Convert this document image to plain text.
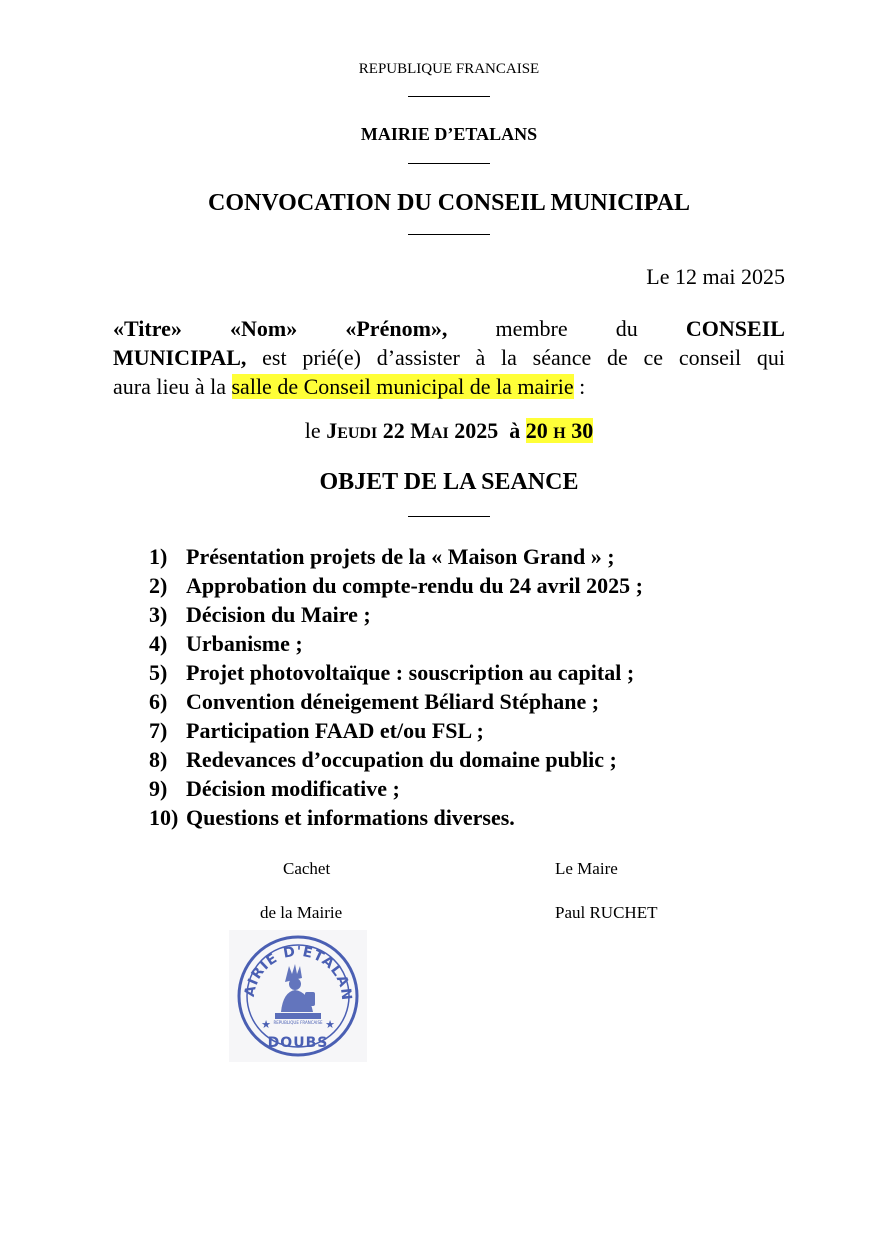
REPUBLIQUE FRANCAISE
MAIRIE D’ETALANS
CONVOCATION DU CONSEIL MUNICIPAL
Le 12 mai 2025
«Titre» «Nom» «Prénom», membre du CONSEIL
MUNICIPAL, est prié(e) d’assister à la séance de ce conseil qui
aura lieu à la salle de Conseil municipal de la mairie :
le JEUDI 22 MAI 2025 à 20 H 30
OBJET DE LA SEANCE
1) Présentation projets de la « Maison Grand » ;
2) Approbation du compte-rendu du 24 avril 2025 ;
3) Décision du Maire ;
4) Urbanisme ;
5) Projet photovoltaïque : souscription au capital ;
6) Convention déneigement Béliard Stéphane ;
7) Participation FAAD et/ou FSL ;
8) Redevances d’occupation du domaine public ;
9) Décision modificative ;
10) Questions et informations diverses.
Cachet
de la Mairie
Le Maire
Paul RUCHET
AIRIE D'ETALAN
DOUBS
★	★
REPUBLIQUE FRANCAISE
